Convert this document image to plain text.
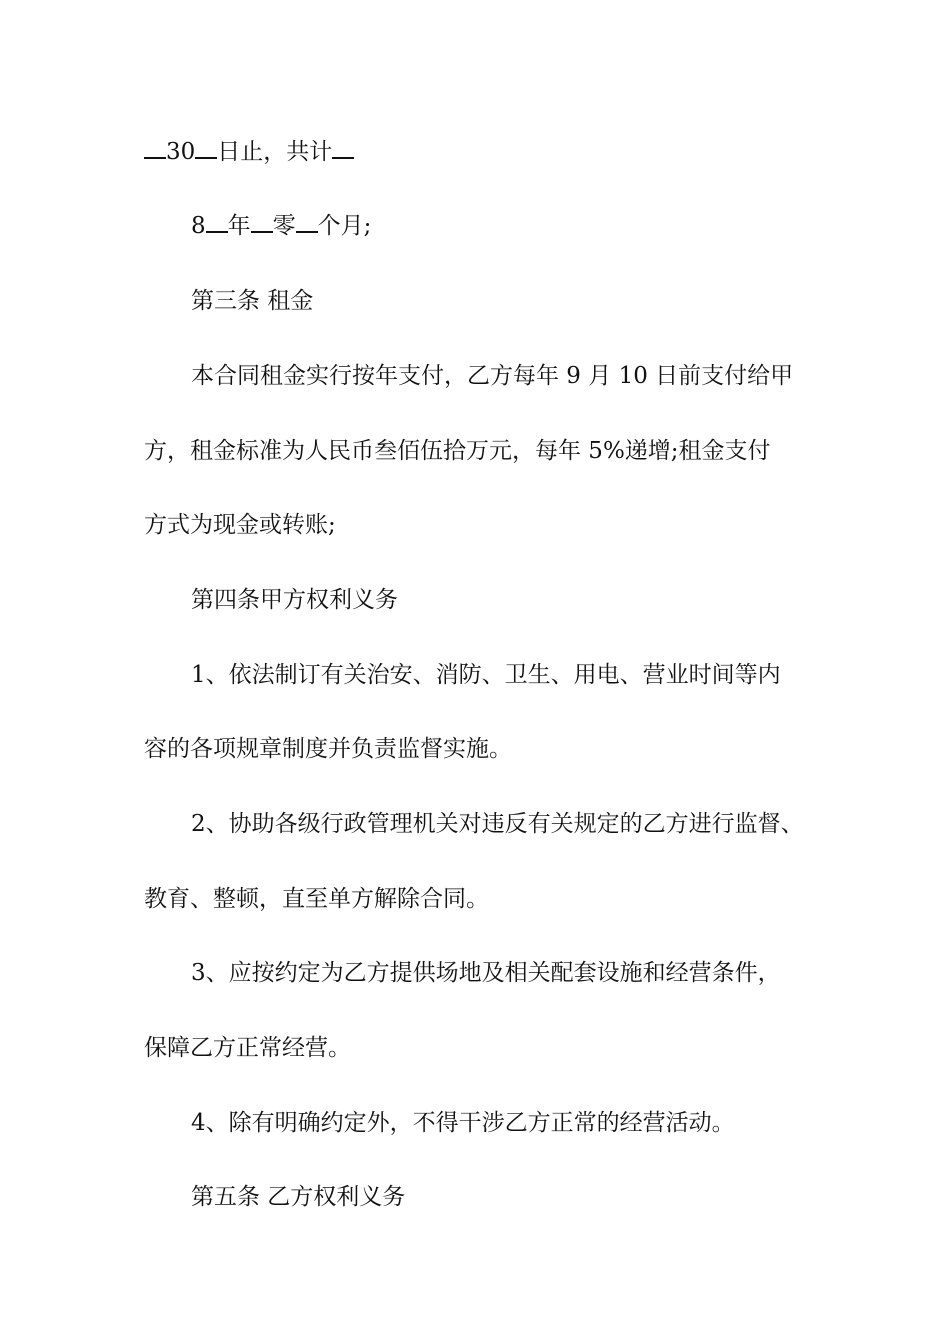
30 日止，共计
8 年 零 个月;
第三条 租金
本合同租金实行按年支付，乙方每年 9 月 10 日前支付给甲
方，租金标准为人民币叁佰伍拾万元，每年 5%递增;租金支付
方式为现金或转账;
第四条甲方权利义务
1、依法制订有关治安、消防、卫生、用电、营业时间等内
容的各项规章制度并负责监督实施。
2、协助各级行政管理机关对违反有关规定的乙方进行监督、
教育、整顿，直至单方解除合同。
3、应按约定为乙方提供场地及相关配套设施和经营条件，
保障乙方正常经营。
4、除有明确约定外，不得干涉乙方正常的经营活动。
第五条 乙方权利义务
